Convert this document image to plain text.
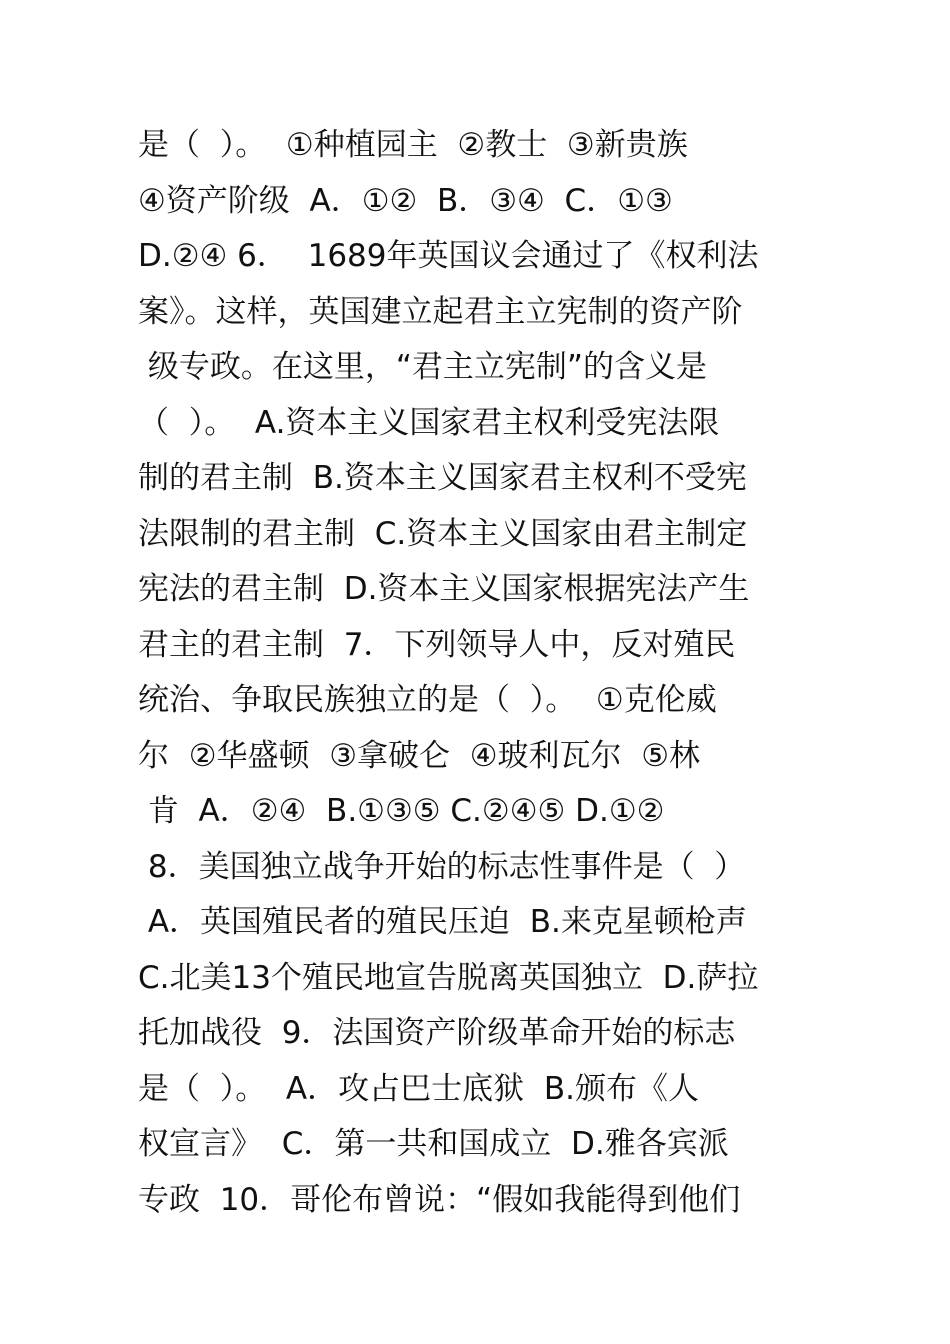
是（  ）。  ①种植园主  ②教士  ③新贵族
④资产阶级  A．①②  B．③④  C．①③
D.②④ 6．  1689年英国议会通过了《权利法
案》。这样，英国建立起君主立宪制的资产阶
级专政。在这里，“君主立宪制”的含义是
（  ）。  A.资本主义国家君主权利受宪法限
制的君主制  B.资本主义国家君主权利不受宪
法限制的君主制  C.资本主义国家由君主制定
宪法的君主制  D.资本主义国家根据宪法产生
君主的君主制  7．下列领导人中，反对殖民
统治、争取民族独立的是（  ）。  ①克伦威
尔  ②华盛顿  ③拿破仑  ④玻利瓦尔  ⑤林
肯  A．②④  B.①③⑤ C.②④⑤ D.①②
8．美国独立战争开始的标志性事件是（  ）
A．英国殖民者的殖民压迫  B.来克星顿枪声
C.北美13个殖民地宣告脱离英国独立  D.萨拉
托加战役  9．法国资产阶级革命开始的标志
是（  ）。  A．攻占巴士底狱  B.颁布《人
权宣言》  C．第一共和国成立  D.雅各宾派
专政  10．哥伦布曾说：“假如我能得到他们
